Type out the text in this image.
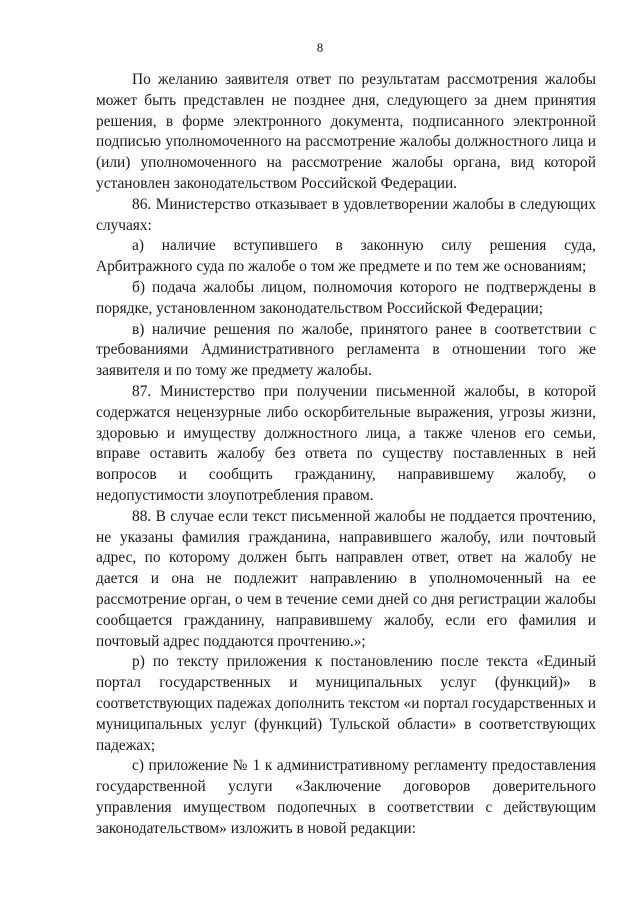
8

По желанию заявителя ответ по результатам рассмотрения жалобы может быть представлен не позднее дня, следующего за днем принятия решения, в форме электронного документа, подписанного электронной подписью уполномоченного на рассмотрение жалобы должностного лица и (или) уполномоченного на рассмотрение жалобы органа, вид которой установлен законодательством Российской Федерации.

86. Министерство отказывает в удовлетворении жалобы в следующих случаях:

а) наличие вступившего в законную силу решения суда, Арбитражного суда по жалобе о том же предмете и по тем же основаниям;

б) подача жалобы лицом, полномочия которого не подтверждены в порядке, установленном законодательством Российской Федерации;

в) наличие решения по жалобе, принятого ранее в соответствии с требованиями Административного регламента в отношении того же заявителя и по тому же предмету жалобы.

87. Министерство при получении письменной жалобы, в которой содержатся нецензурные либо оскорбительные выражения, угрозы жизни, здоровью и имуществу должностного лица, а также членов его семьи, вправе оставить жалобу без ответа по существу поставленных в ней вопросов и сообщить гражданину, направившему жалобу, о недопустимости злоупотребления правом.

88. В случае если текст письменной жалобы не поддается прочтению, не указаны фамилия гражданина, направившего жалобу, или почтовый адрес, по которому должен быть направлен ответ, ответ на жалобу не дается и она не подлежит направлению в уполномоченный на ее рассмотрение орган, о чем в течение семи дней со дня регистрации жалобы сообщается гражданину, направившему жалобу, если его фамилия и почтовый адрес поддаются прочтению.»;

р) по тексту приложения к постановлению после текста «Единый портал государственных и муниципальных услуг (функций)» в соответствующих падежах дополнить текстом «и портал государственных и муниципальных услуг (функций) Тульской области» в соответствующих падежах;

с) приложение № 1 к административному регламенту предоставления государственной услуги «Заключение договоров доверительного управления имуществом подопечных в соответствии с действующим законодательством» изложить в новой редакции:
